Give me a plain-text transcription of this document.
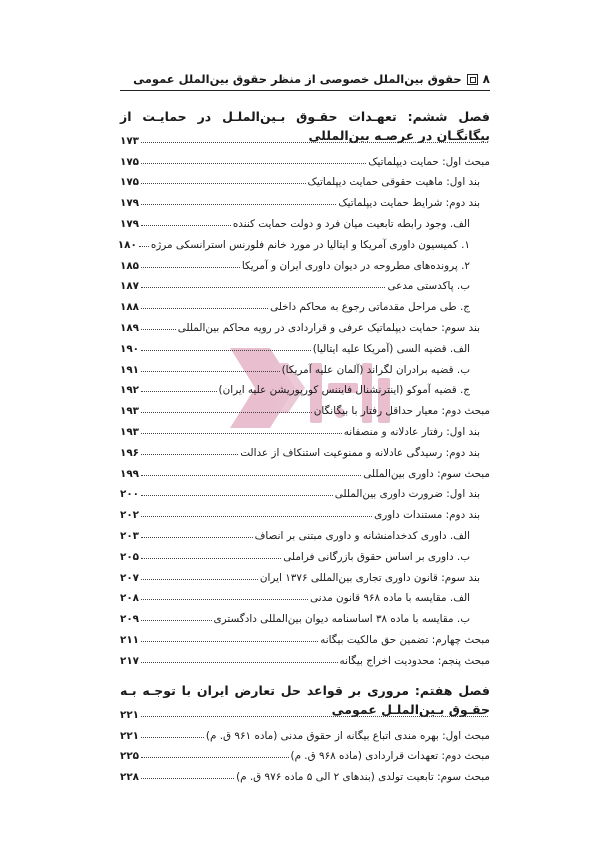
٨
حقوق بین‌الملل خصوصی از منظر حقوق بین‌الملل عمومی
فصل ششم: تعهـدات حقـوق بـین‌الملـل در حمایـت از بیگانگـان در عرصـه بین‌المللی
۱۷۳
مبحث اول: حمایت دیپلماتیک
۱۷۵
بند اول: ماهیت حقوقی حمایت دیپلماتیک
۱۷۵
بند دوم: شرایط حمایت دیپلماتیک
۱۷۹
الف. وجود رابطه تابعیت میان فرد و دولت حمایت کننده
۱۷۹
۱. کمیسیون داوری آمریکا و ایتالیا در مورد خانم فلورنس استرانسکی مرژه
۱۸۰
۲. پرونده‌های مطروحه در دیوان داوری ایران و آمریکا
۱۸۵
ب. پاکدستی مدعی
۱۸۷
ج. طی مراحل مقدماتی رجوع به محاکم داخلی
۱۸۸
بند سوم: حمایت دیپلماتیک عرفی و قراردادی در رویه محاکم بین‌المللی
۱۸۹
الف. قضیه السی (آمریکا علیه ایتالیا)
۱۹۰
ب. قضیه برادران لگراند (آلمان علیه آمریکا)
۱۹۱
ج. قضیه آموکو (اینترنشنال فایننس کورپوریشن علیه ایران)
۱۹۲
مبحث دوم: معیار حداقل رفتار با بیگانگان
۱۹۳
بند اول: رفتار عادلانه و منصفانه
۱۹۳
بند دوم: رسیدگی عادلانه و ممنوعیت استنکاف از عدالت
۱۹۶
مبحث سوم: داوری بین‌المللی
۱۹۹
بند اول: ضرورت داوری بین‌المللی
۲۰۰
بند دوم: مستندات داوری
۲۰۲
الف. داوری کدخدامنشانه و داوری مبتنی بر انصاف
۲۰۳
ب. داوری بر اساس حقوق بازرگانی فراملی
۲۰۵
بند سوم: قانون داوری تجاری بین‌المللی ۱۳۷۶ ایران
۲۰۷
الف. مقایسه با ماده ۹۶۸ قانون مدنی
۲۰۸
ب. مقایسه با ماده ۳۸ اساسنامه دیوان بین‌المللی دادگستری
۲۰۹
مبحث چهارم: تضمین حق مالکیت بیگانه
۲۱۱
مبحث پنجم: محدودیت اخراج بیگانه
۲۱۷
فصل هفتم: مروری بر قواعد حل تعارض ایران با توجـه بـه حقـوق بـین‌الملـل عمومی
۲۲۱
مبحث اول: بهره مندی اتباع بیگانه از حقوق مدنی (ماده ۹۶۱ ق. م)
۲۲۱
مبحث دوم: تعهدات قراردادی (ماده ۹۶۸ ق. م)
۲۲۵
مبحث سوم: تابعیت تولدی (بندهای ۲ الی ۵ ماده ۹۷۶ ق. م)
۲۲۸
